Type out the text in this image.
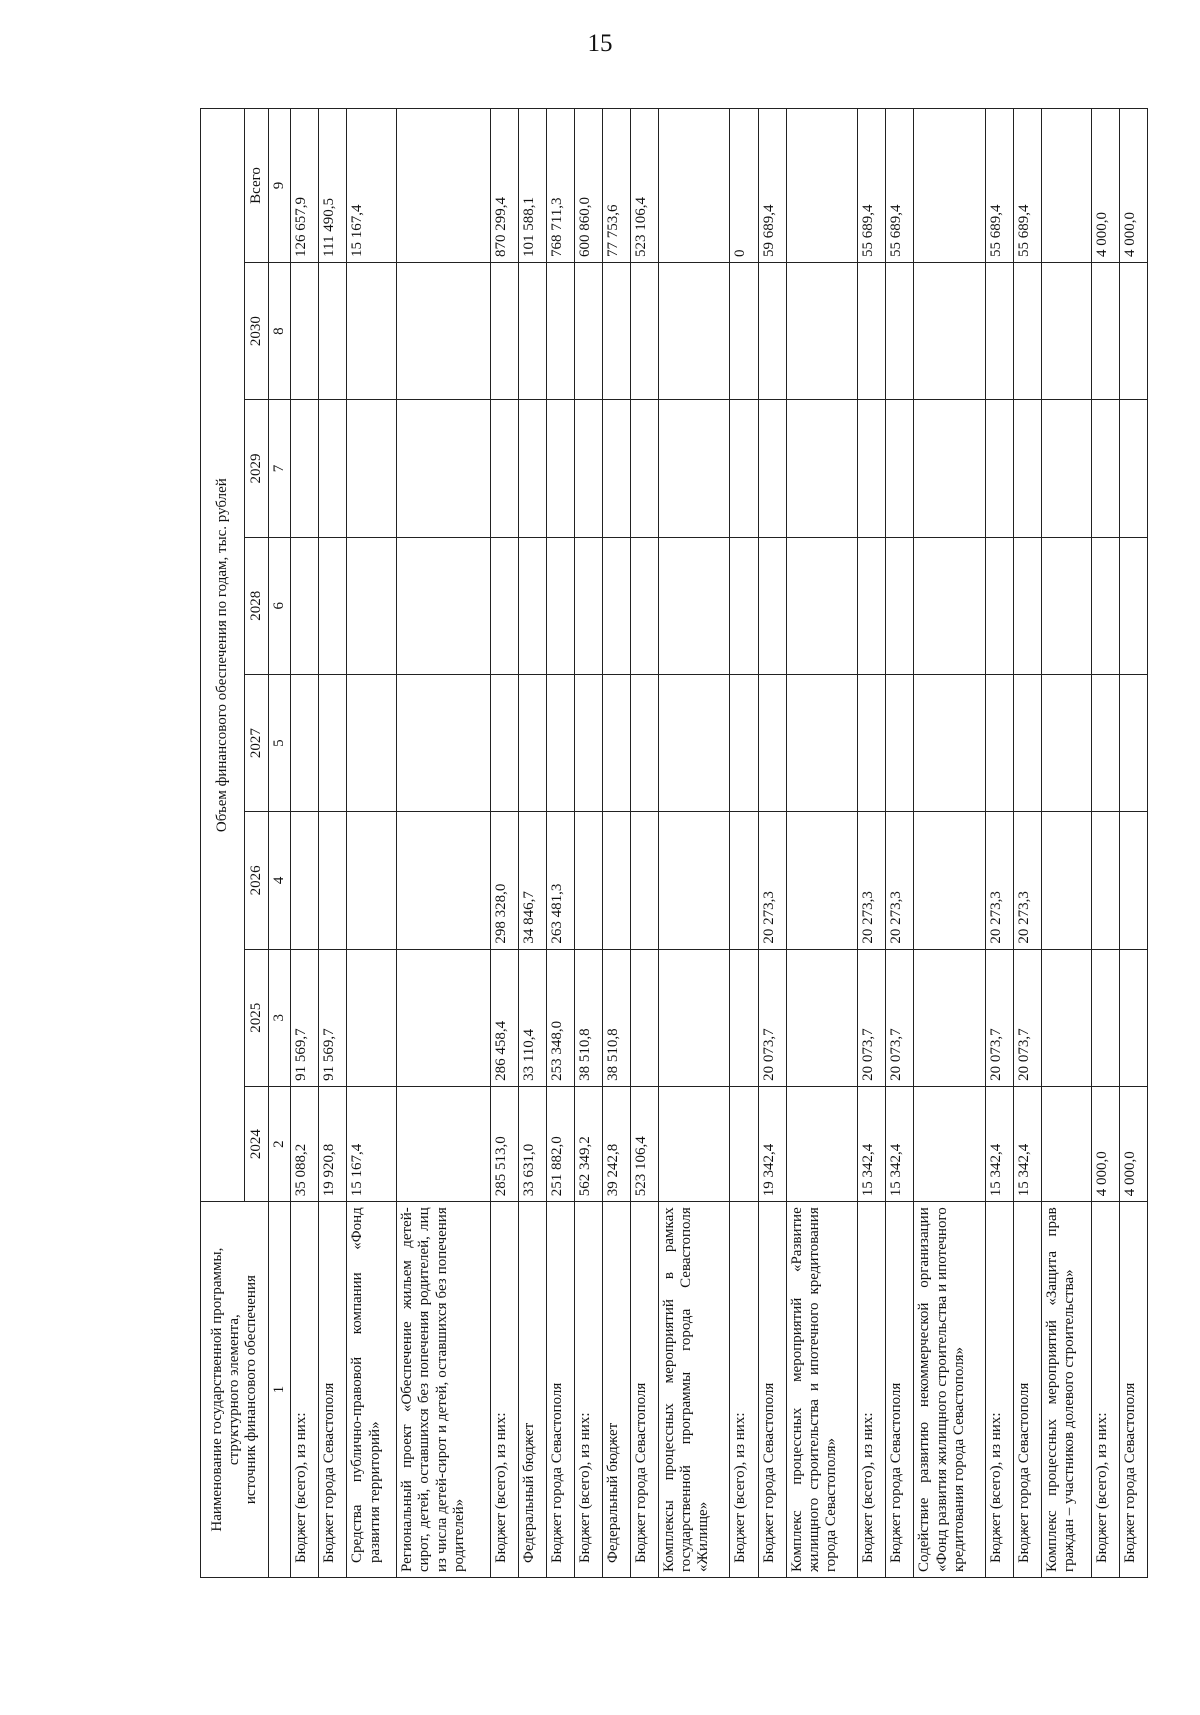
15
Наименование государственной программы, структурного элемента,
источник финансового обеспечения	Объем финансового обеспечения по годам, тыс. рублей							
	2024	2025	2026	2027	2028	2029	2030	Всего
1	2	3	4	5	6	7	8	9
Бюджет (всего), из них:	35 088,2	91 569,7						126 657,9
Бюджет города Севастополя	19 920,8	91 569,7						111 490,5
Средства публично-правовой компании «Фонд развития территорий»	15 167,4							15 167,4
Региональный проект «Обеспечение жильем детей-сирот, детей, оставшихся без попечения родителей, лиц из числа детей-сирот и детей, оставшихся без попечения родителей»								
Бюджет (всего), из них:	285 513,0	286 458,4	298 328,0					870 299,4
Федеральный бюджет	33 631,0	33 110,4	34 846,7					101 588,1
Бюджет города Севастополя	251 882,0	253 348,0	263 481,3					768 711,3
Бюджет (всего), из них:	562 349,2	38 510,8						600 860,0
Федеральный бюджет	39 242,8	38 510,8						77 753,6
Бюджет города Севастополя	523 106,4							523 106,4
Комплексы процессных мероприятий в рамках государственной программы города Севастополя «Жилище»								
Бюджет (всего), из них:								0
Бюджет города Севастополя	19 342,4	20 073,7	20 273,3					59 689,4
Комплекс процессных мероприятий «Развитие жилищного строительства и ипотечного кредитования города Севастополя»								
Бюджет (всего), из них:	15 342,4	20 073,7	20 273,3					55 689,4
Бюджет города Севастополя	15 342,4	20 073,7	20 273,3					55 689,4
Содействие развитию некоммерческой организации «Фонд развития жилищного строительства и ипотечного кредитования города Севастополя»								
Бюджет (всего), из них:	15 342,4	20 073,7	20 273,3					55 689,4
Бюджет города Севастополя	15 342,4	20 073,7	20 273,3					55 689,4
Комплекс процессных мероприятий «Защита прав граждан – участников долевого строительства»								
Бюджет (всего), из них:	4 000,0							4 000,0
Бюджет города Севастополя	4 000,0							4 000,0
